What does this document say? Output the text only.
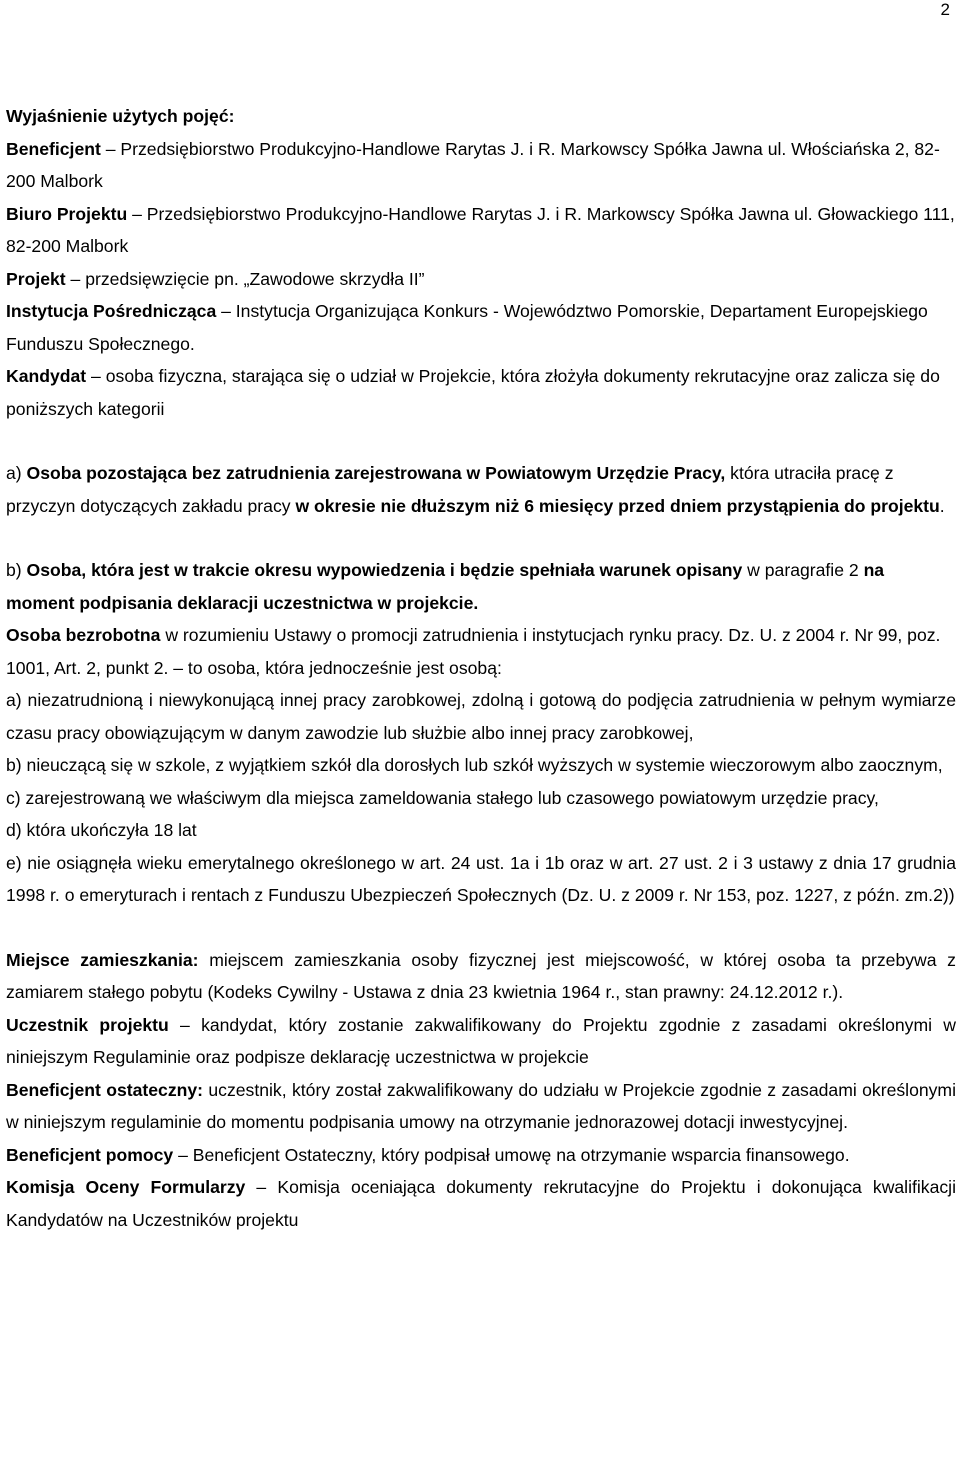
2

Wyjaśnienie użytych pojęć:

Beneficjent – Przedsiębiorstwo Produkcyjno-Handlowe Rarytas J. i R. Markowscy Spółka Jawna ul. Włościańska 2, 82-200 Malbork

Biuro Projektu – Przedsiębiorstwo Produkcyjno-Handlowe Rarytas J. i R. Markowscy Spółka Jawna ul. Głowackiego 111, 82-200 Malbork

Projekt – przedsięwzięcie pn. „Zawodowe skrzydła II”

Instytucja Pośrednicząca – Instytucja Organizująca Konkurs - Województwo Pomorskie, Departament Europejskiego Funduszu Społecznego.

Kandydat – osoba fizyczna, starająca się o udział w Projekcie, która złożyła dokumenty rekrutacyjne oraz zalicza się do poniższych kategorii

a) Osoba pozostająca bez zatrudnienia zarejestrowana w Powiatowym Urzędzie Pracy, która utraciła pracę z przyczyn dotyczących zakładu pracy w okresie nie dłuższym niż 6 miesięcy przed dniem przystąpienia do projektu.

b) Osoba, która jest w trakcie okresu wypowiedzenia i będzie spełniała warunek opisany w paragrafie 2 na moment podpisania deklaracji uczestnictwa w projekcie.

Osoba bezrobotna w rozumieniu Ustawy o promocji zatrudnienia i instytucjach rynku pracy. Dz. U. z 2004 r. Nr 99, poz. 1001, Art. 2, punkt 2. – to osoba, która jednocześnie jest osobą:

a) niezatrudnioną i niewykonującą innej pracy zarobkowej, zdolną i gotową do podjęcia zatrudnienia w pełnym wymiarze czasu pracy obowiązującym w danym zawodzie lub służbie albo innej pracy zarobkowej,

b) nieuczącą się w szkole, z wyjątkiem szkół dla dorosłych lub szkół wyższych w systemie wieczorowym albo zaocznym,

c) zarejestrowaną we właściwym dla miejsca zameldowania stałego lub czasowego powiatowym urzędzie pracy,

d) która ukończyła 18 lat

e) nie osiągnęła wieku emerytalnego określonego w art. 24 ust. 1a i 1b oraz w art. 27 ust. 2 i 3 ustawy z dnia 17 grudnia 1998 r. o emeryturach i rentach z Funduszu Ubezpieczeń Społecznych (Dz. U. z 2009 r. Nr 153, poz. 1227, z późn. zm.2))

Miejsce zamieszkania: miejscem zamieszkania osoby fizycznej jest miejscowość, w której osoba ta przebywa z zamiarem stałego pobytu (Kodeks Cywilny - Ustawa z dnia 23 kwietnia 1964 r., stan prawny: 24.12.2012 r.).

Uczestnik projektu – kandydat, który zostanie zakwalifikowany do Projektu zgodnie z zasadami określonymi w niniejszym Regulaminie oraz podpisze deklarację uczestnictwa w projekcie

Beneficjent ostateczny: uczestnik, który został zakwalifikowany do udziału w Projekcie zgodnie z zasadami określonymi w niniejszym regulaminie do momentu podpisania umowy na otrzymanie jednorazowej dotacji inwestycyjnej.

Beneficjent pomocy – Beneficjent Ostateczny, który podpisał umowę na otrzymanie wsparcia finansowego.

Komisja Oceny Formularzy – Komisja oceniająca dokumenty rekrutacyjne do Projektu i dokonująca kwalifikacji Kandydatów na Uczestników projektu
